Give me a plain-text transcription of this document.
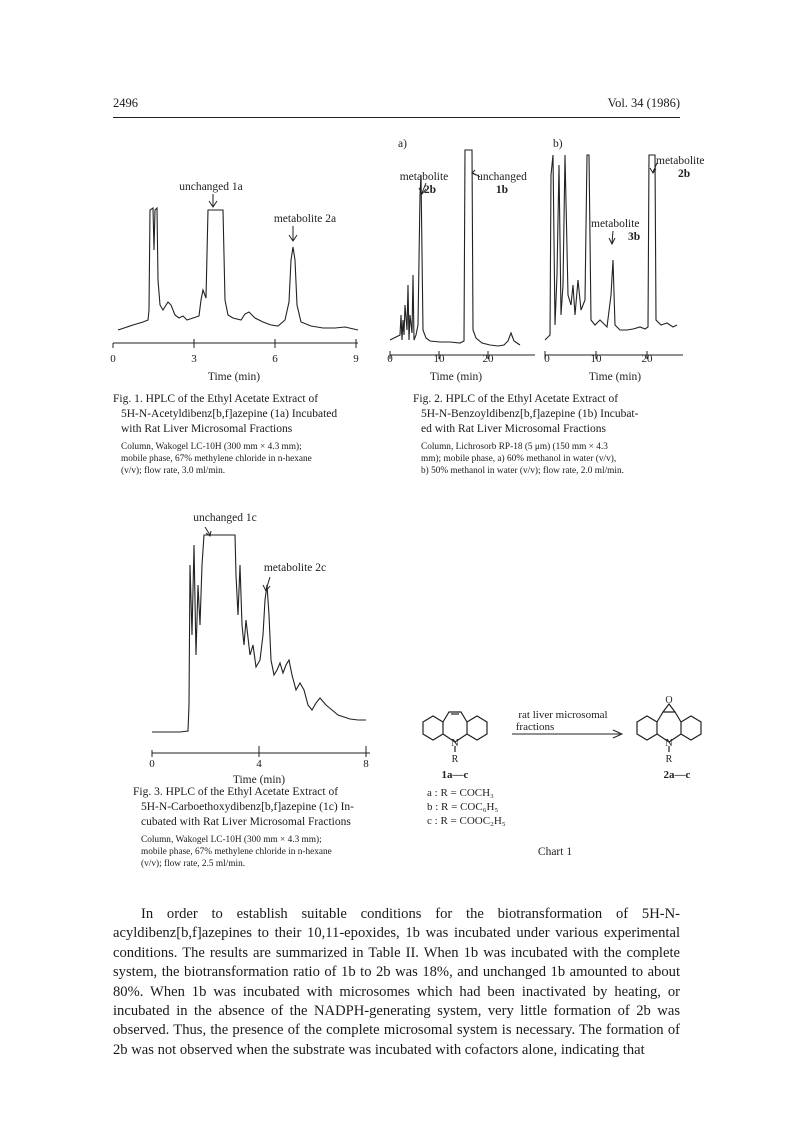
2496	Vol. 34 (1986)
0	3	6	9
Time (min)
unchanged 1a
metabolite 2a
Fig. 1. HPLC of the Ethyl Acetate Extract of
5H-N-Acetyldibenz[b,f]azepine (1a) Incubated
with Rat Liver Microsomal Fractions
Column, Wakogel LC-10H (300 mm × 4.3 mm);
mobile phase, 67% methylene chloride in n-hexane
(v/v); flow rate, 3.0 ml/min.
a)
0	10	20
Time (min)
metabolite
2b
unchanged
1b
b)
0	10	20
Time (min)
metabolite
2b
metabolite
3b
Fig. 2. HPLC of the Ethyl Acetate Extract of
5H-N-Benzoyldibenz[b,f]azepine (1b) Incubat-
ed with Rat Liver Microsomal Fractions
Column, Lichrosorb RP-18 (5 μm) (150 mm × 4.3
mm); mobile phase, a) 60% methanol in water (v/v),
b) 50% methanol in water (v/v); flow rate, 2.0 ml/min.
unchanged 1c
metabolite 2c
0	4	8
Time (min)
Fig. 3. HPLC of the Ethyl Acetate Extract of
5H-N-Carboethoxydibenz[b,f]azepine (1c) In-
cubated with Rat Liver Microsomal Fractions
Column, Wakogel LC-10H (300 mm × 4.3 mm);
mobile phase, 67% methylene chloride in n-hexane
(v/v); flow rate, 2.5 ml/min.
N
R
rat liver microsomal
fractions
O
N
R
1a—c	2a—c
a : R = COCH₃
b : R = COC₆H₅
c : R = COOC₂H₅
Chart 1

In order to establish suitable conditions for the biotransformation of 5H-N-acyldibenz[b,f]azepines to their 10,11-epoxides, 1b was incubated under various experimental conditions. The results are summarized in Table II. When 1b was incubated with the complete system, the biotransformation ratio of 1b to 2b was 18%, and unchanged 1b amounted to about 80%. When 1b was incubated with microsomes which had been inactivated by heating, or incubated in the absence of the NADPH-generating system, very little formation of 2b was observed. Thus, the presence of the complete microsomal system is necessary. The formation of 2b was not observed when the substrate was incubated with cofactors alone, indicating that
